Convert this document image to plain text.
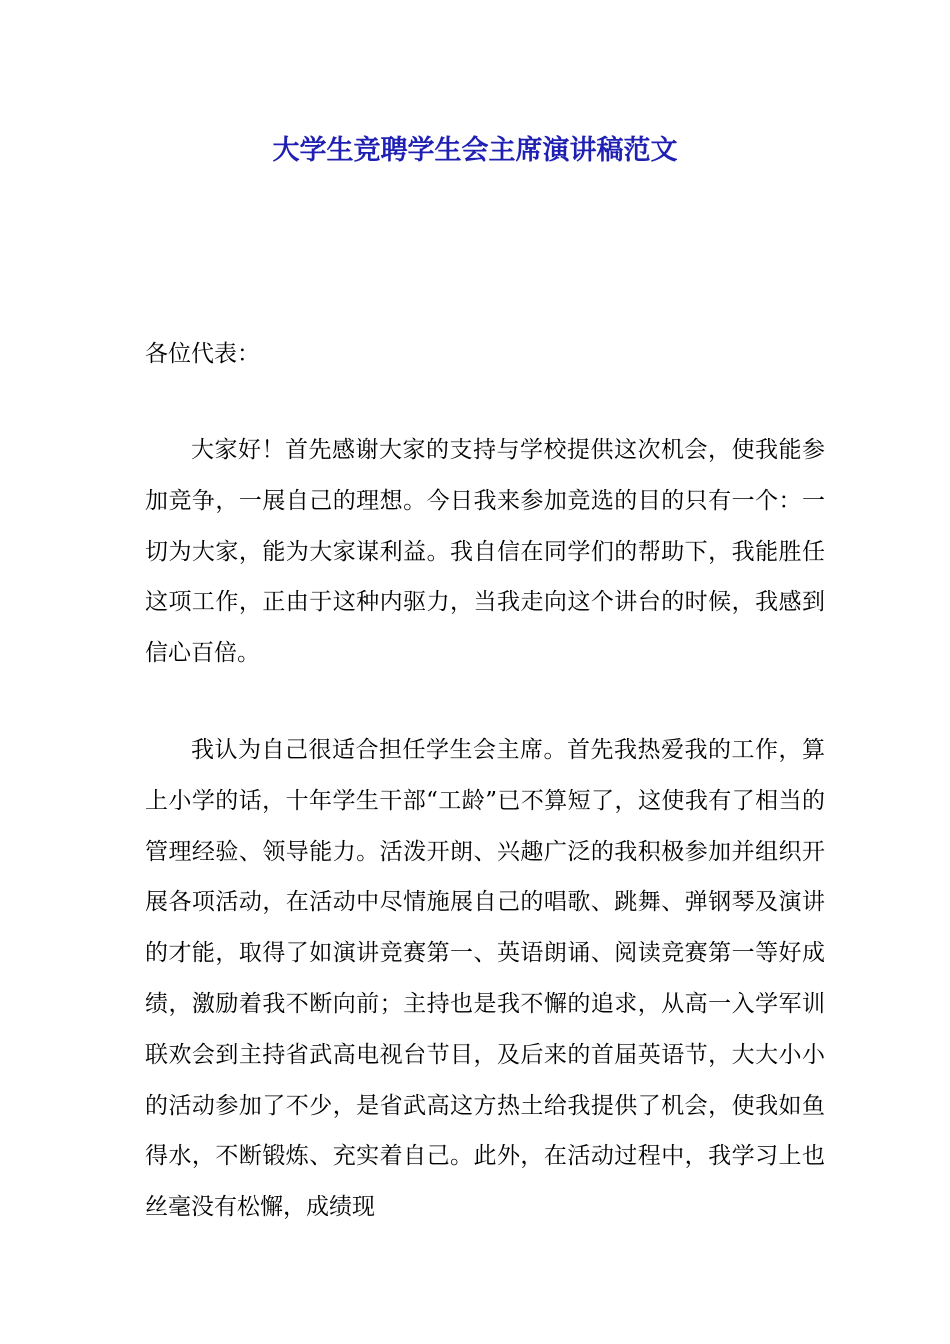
大学生竞聘学生会主席演讲稿范文
各位代表：

大家好！首先感谢大家的支持与学校提供这次机会，使我能参加竞争，一展自己的理想。今日我来参加竞选的目的只有一个：一切为大家，能为大家谋利益。我自信在同学们的帮助下，我能胜任这项工作，正由于这种内驱力，当我走向这个讲台的时候，我感到信心百倍。

我认为自己很适合担任学生会主席。首先我热爱我的工作，算上小学的话，十年学生干部“工龄”已不算短了，这使我有了相当的管理经验、领导能力。活泼开朗、兴趣广泛的我积极参加并组织开展各项活动，在活动中尽情施展自己的唱歌、跳舞、弹钢琴及演讲的才能，取得了如演讲竞赛第一、英语朗诵、阅读竞赛第一等好成绩，激励着我不断向前；主持也是我不懈的追求，从高一入学军训联欢会到主持省武高电视台节目，及后来的首届英语节，大大小小的活动参加了不少，是省武高这方热土给我提供了机会，使我如鱼得水，不断锻炼、充实着自己。此外，在活动过程中，我学习上也丝毫没有松懈，成绩现
